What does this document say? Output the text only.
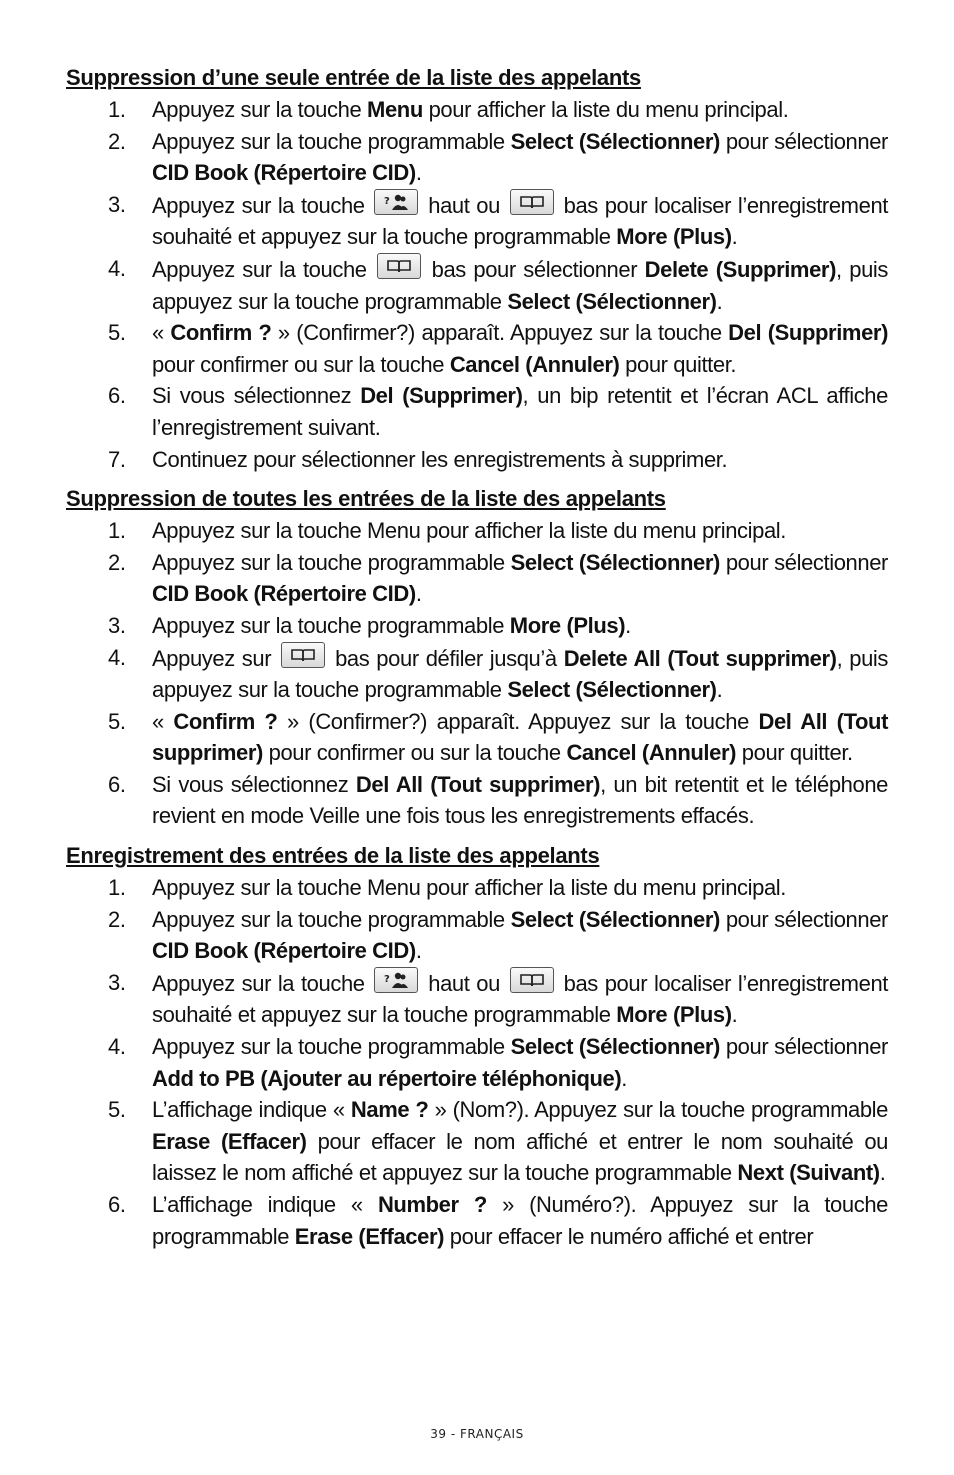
Suppression d’une seule entrée de la liste des appelants
1. Appuyez sur la touche Menu pour afficher la liste du menu principal.
2. Appuyez sur la touche programmable Select (Sélectionner) pour sélectionner CID Book (Répertoire CID).
3. Appuyez sur la touche ? haut ou
bas pour localiser l’enregistrement souhaité et appuyez sur la touche programmable More (Plus).
4. Appuyez sur la touche
bas pour sélectionner Delete (Supprimer), puis appuyez sur la touche programmable Select (Sélectionner).
5. « Confirm ? » (Confirmer?) apparaît. Appuyez sur la touche Del (Supprimer) pour confirmer ou sur la touche Cancel (Annuler) pour quitter.
6. Si vous sélectionnez Del (Supprimer), un bip retentit et l’écran ACL affiche l’enregistrement suivant.
7. Continuez pour sélectionner les enregistrements à supprimer.
Suppression de toutes les entrées de la liste des appelants
1. Appuyez sur la touche Menu pour afficher la liste du menu principal.
2. Appuyez sur la touche programmable Select (Sélectionner) pour sélectionner CID Book (Répertoire CID).
3. Appuyez sur la touche programmable More (Plus).
4. Appuyez sur
bas pour défiler jusqu’à Delete All (Tout supprimer), puis appuyez sur la touche programmable Select (Sélectionner).
5. « Confirm ? » (Confirmer?) apparaît. Appuyez sur la touche Del All (Tout supprimer) pour confirmer ou sur la touche Cancel (Annuler) pour quitter.
6. Si vous sélectionnez Del All (Tout supprimer), un bit retentit et le téléphone revient en mode Veille une fois tous les enregistrements effacés.
Enregistrement des entrées de la liste des appelants
1. Appuyez sur la touche Menu pour afficher la liste du menu principal.
2. Appuyez sur la touche programmable Select (Sélectionner) pour sélectionner CID Book (Répertoire CID).
3. Appuyez sur la touche ? haut ou
bas pour localiser l’enregistrement souhaité et appuyez sur la touche programmable More (Plus).
4. Appuyez sur la touche programmable Select (Sélectionner) pour sélectionner Add to PB (Ajouter au répertoire téléphonique).
5. L’affichage indique « Name ? » (Nom?). Appuyez sur la touche programmable Erase (Effacer) pour effacer le nom affiché et entrer le nom souhaité ou laissez le nom affiché et appuyez sur la touche programmable Next (Suivant).
6. L’affichage indique « Number ? » (Numéro?). Appuyez sur la touche programmable Erase (Effacer) pour effacer le numéro affiché et entrer
39 - FRANÇAIS
